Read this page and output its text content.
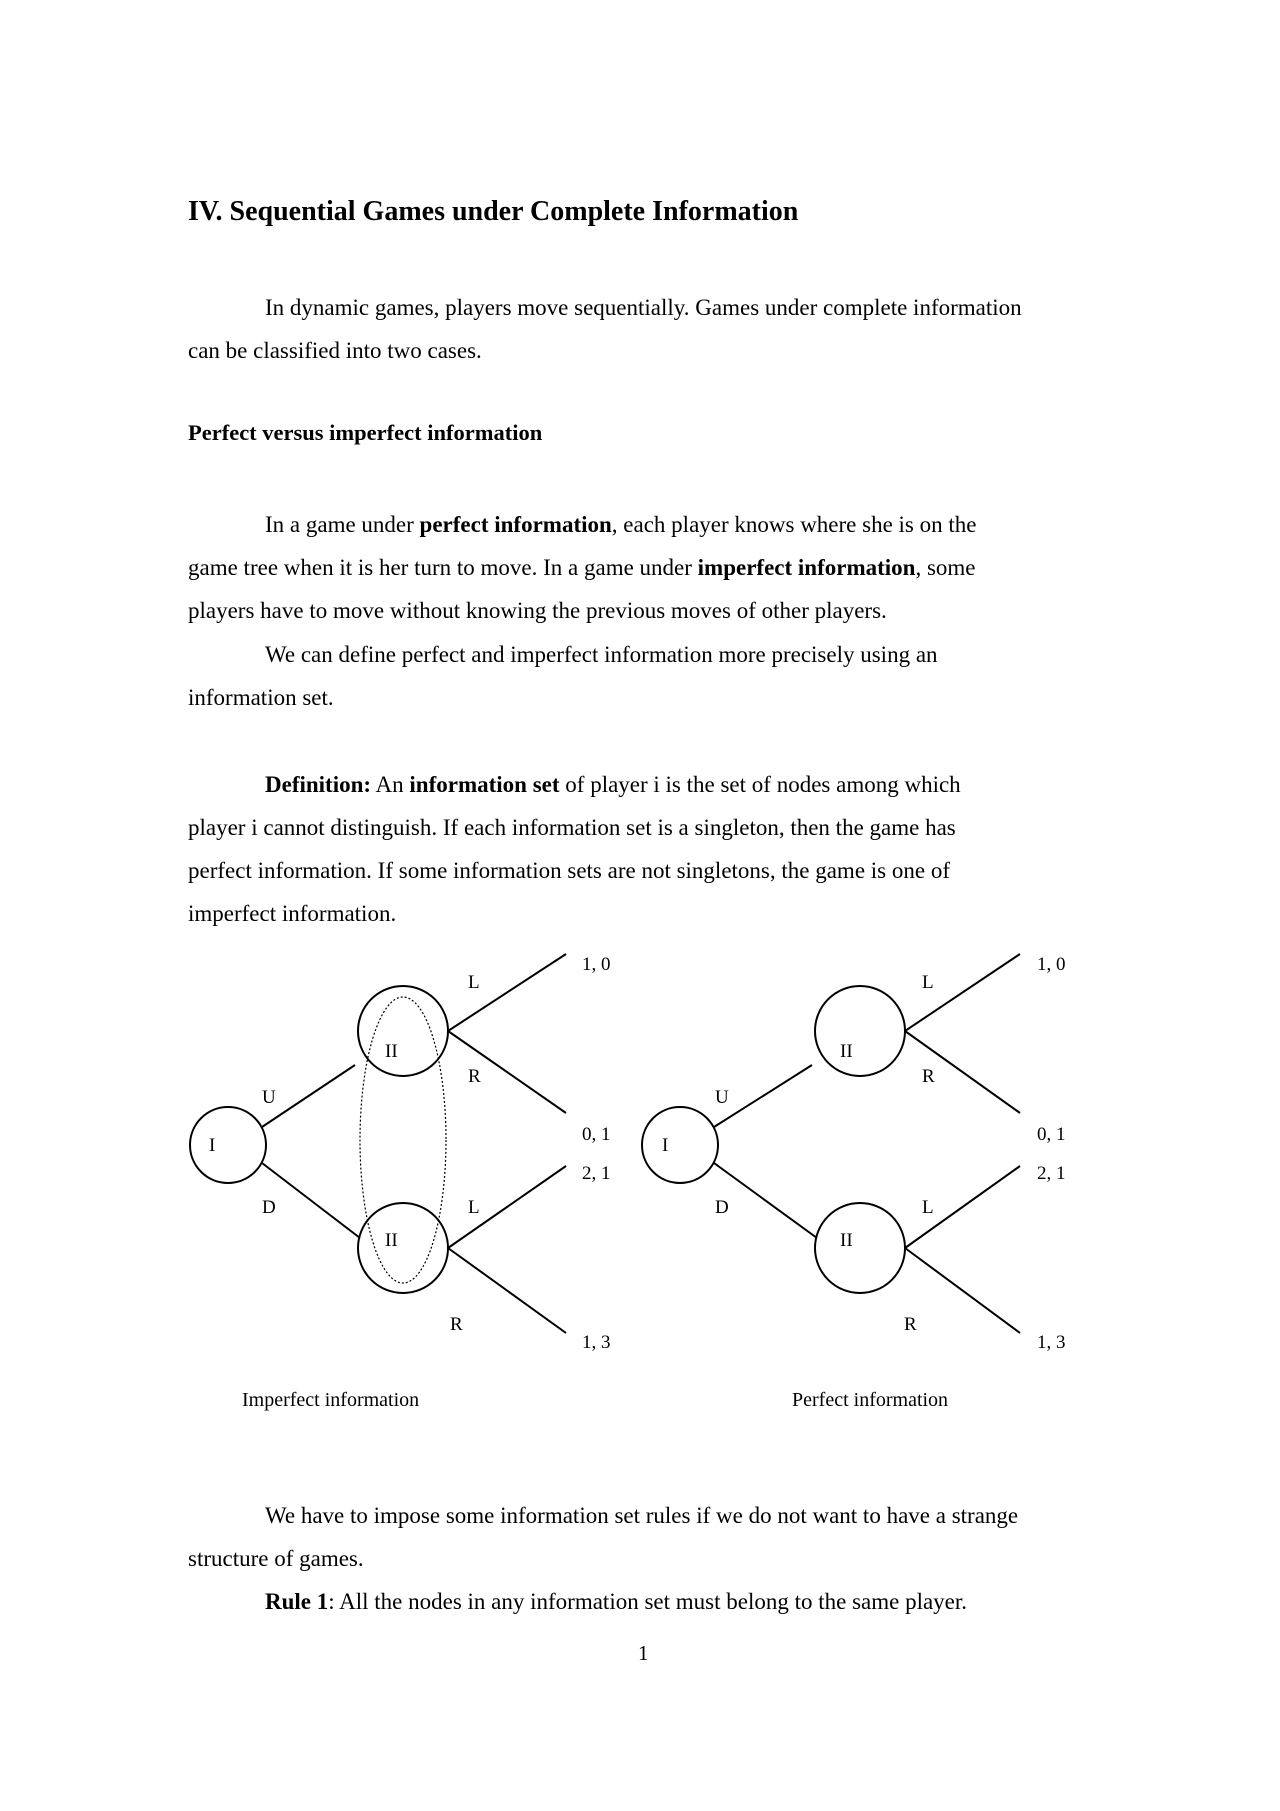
IV. Sequential Games under Complete Information
In dynamic games, players move sequentially. Games under complete information
can be classified into two cases.
Perfect versus imperfect information
In a game under perfect information, each player knows where she is on the
game tree when it is her turn to move. In a game under imperfect information, some
players have to move without knowing the previous moves of other players.
We can define perfect and imperfect information more precisely using an
information set.
Definition: An information set of player i is the set of nodes among which
player i cannot distinguish. If each information set is a singleton, then the game has
perfect information. If some information sets are not singletons, the game is one of
imperfect information.
I
II
II
U
D
L
R
L
R
1, 0
0, 1
2, 1
1, 3
I
II
II
U
D
L
R
L
R
1, 0
0, 1
2, 1
1, 3
Imperfect information	Perfect information
We have to impose some information set rules if we do not want to have a strange
structure of games.
Rule 1: All the nodes in any information set must belong to the same player.
1
